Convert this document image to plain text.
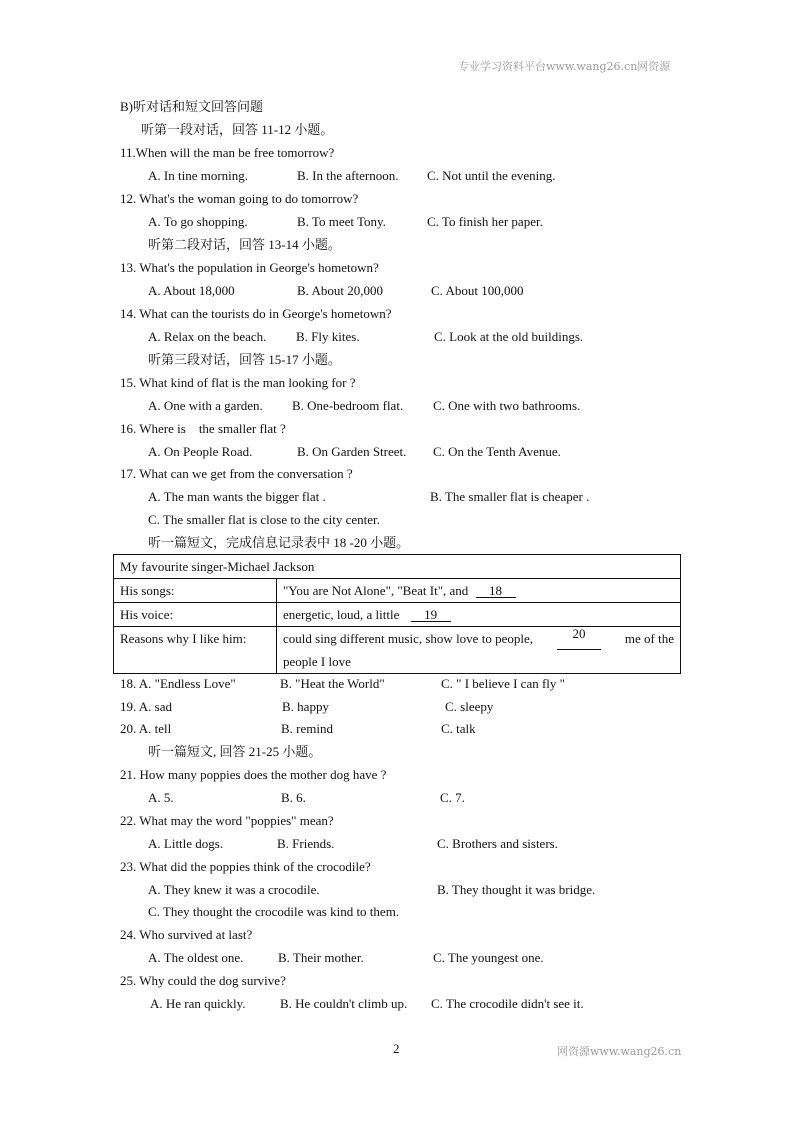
专业学习资料平台www.wang26.cn网资源
B)听对话和短文回答问题
听第一段对话，回答 11-12 小题。
11.When will the man be free tomorrow?
A. In tine morning.	B. In the afternoon. C. Not until the evening.
12. What's the woman going to do tomorrow?
A. To go shopping.	B. To meet Tony.	C. To finish her paper.
听第二段对话，回答 13-14 小题。
13. What's the population in George's hometown?
A. About 18,000	B. About 20,000	C. About 100,000
14. What can the tourists do in George's hometown?
A. Relax on the beach. B. Fly kites.	C. Look at the old buildings.
听第三段对话，回答 15-17 小题。
15. What kind of flat is the man looking for ?
A. One with a garden. B. One-bedroom flat. C. One with two bathrooms.
16. Where is    the smaller flat ?
A. On People Road.	B. On Garden Street. C. On the Tenth Avenue.
17. What can we get from the conversation ?
A. The man wants the bigger flat .	B. The smaller flat is cheaper .
C. The smaller flat is close to the city center.
听一篇短文，完成信息记录表中 18 -20 小题。
My favourite singer-Michael Jackson	
His songs:	"You are Not Alone", "Beat It", and 18
His voice:	energetic, loud, a little 19
Reasons why I like him:	could sing different music, show love to people, 20 me of the
people I love
18. A. "Endless Love"	B. "Heat the World"	C. " I believe I can fly "
19. A. sad	B. happy	C. sleepy
20. A. tell	B. remind	C. talk
听一篇短文, 回答 21-25 小题。
21. How many poppies does the mother dog have ?
A. 5.	B. 6.	C. 7.
22. What may the word "poppies" mean?
A. Little dogs.	B. Friends.	C. Brothers and sisters.
23. What did the poppies think of the crocodile?
A. They knew it was a crocodile.	B. They thought it was bridge.
C. They thought the crocodile was kind to them.
24. Who survived at last?
A. The oldest one.	B. Their mother.	C. The youngest one.
25. Why could the dog survive?
A. He ran quickly.	B. He couldn't climb up. C. The crocodile didn't see it.
2	网资源www.wang26.cn
